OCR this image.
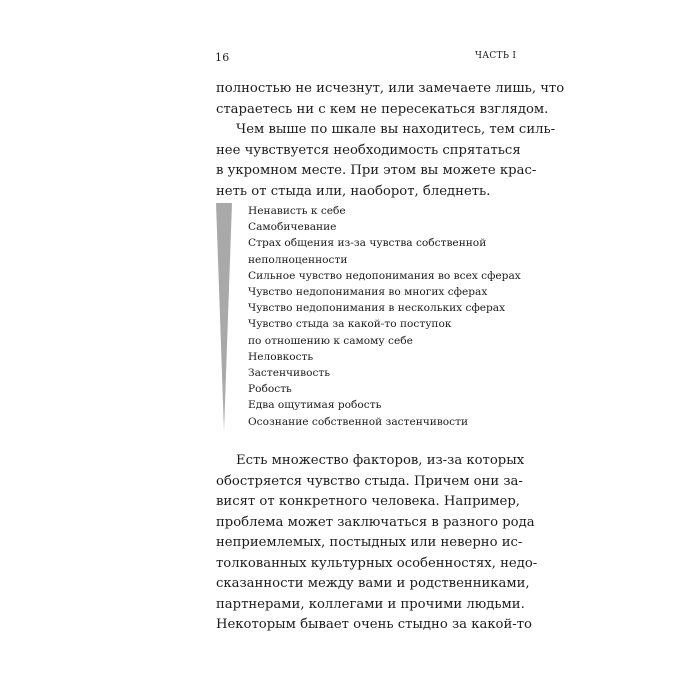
16	ЧАСТЬ I

полностью не исчезнут, или замечаете лишь, что
стараетесь ни с кем не пересекаться взглядом.

Чем выше по шкале вы находитесь, тем силь-
нее чувствуется необходимость спрятаться
в укромном месте. При этом вы можете крас-
неть от стыда или, наоборот, бледнеть.

Ненависть к себе
Самобичевание
Страх общения из-за чувства собственной
неполноценности
Сильное чувство недопонимания во всех сферах
Чувство недопонимания во многих сферах
Чувство недопонимания в нескольких сферах
Чувство стыда за какой-то поступок
по отношению к самому себе
Неловкость
Застенчивость
Робость
Едва ощутимая робость
Осознание собственной застенчивости

Есть множество факторов, из-за которых
обостряется чувство стыда. Причем они за-
висят от конкретного человека. Например,
проблема может заключаться в разного рода
неприемлемых, постыдных или неверно ис-
толкованных культурных особенностях, недо-
сказанности между вами и родственниками,
партнерами, коллегами и прочими людьми.
Некоторым бывает очень стыдно за какой-то
